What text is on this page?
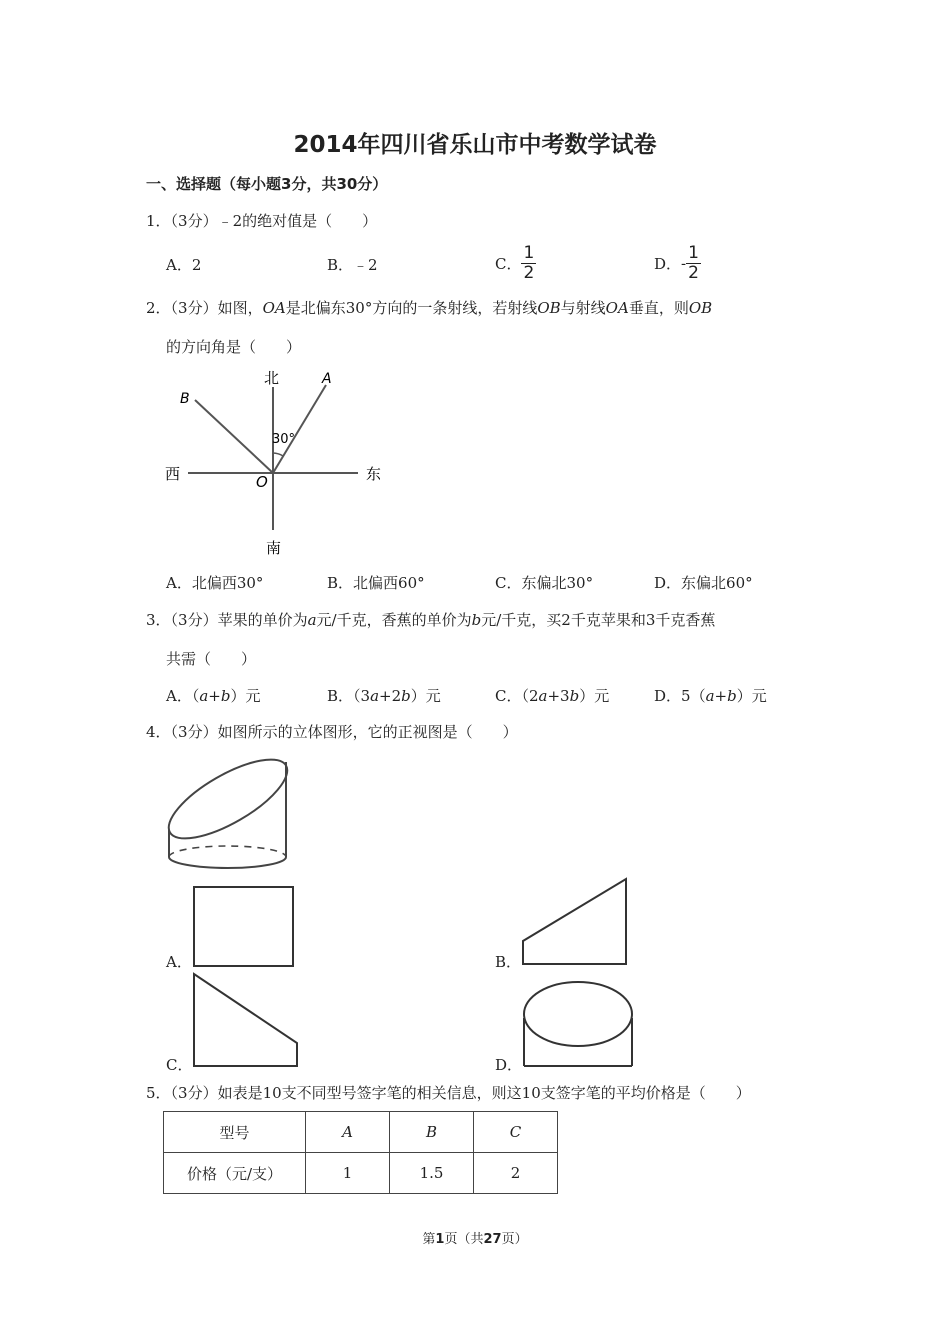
2014年四川省乐山市中考数学试卷
一、选择题（每小题3分，共30分）
1．（3分）﹣2的绝对值是（　　）
A．2	B．﹣2	C． $\frac{1}{2}$	D．- $\frac{1}{2}$
2．（3分）如图，OA是北偏东30°方向的一条射线，若射线OB与射线OA垂直，则OB
的方向角是（　　）
北
南
东
西	O
A
B
30°
A．北偏西30°	B．北偏西60°	C．东偏北30°	D．东偏北60°
3．（3分）苹果的单价为a元/千克，香蕉的单价为b元/千克，买2千克苹果和3千克香蕉
共需（　　）
A．（a+b）元	B．（3a+2b）元	C．（2a+3b）元	D．5（a+b）元
4．（3分）如图所示的立体图形，它的正视图是（　　）
A．	B．
C．	D．
5．（3分）如表是10支不同型号签字笔的相关信息，则这10支签字笔的平均价格是（　　）
型号	A	B	C
价格（元/支）	1	1.5	2
第1页（共27页）
